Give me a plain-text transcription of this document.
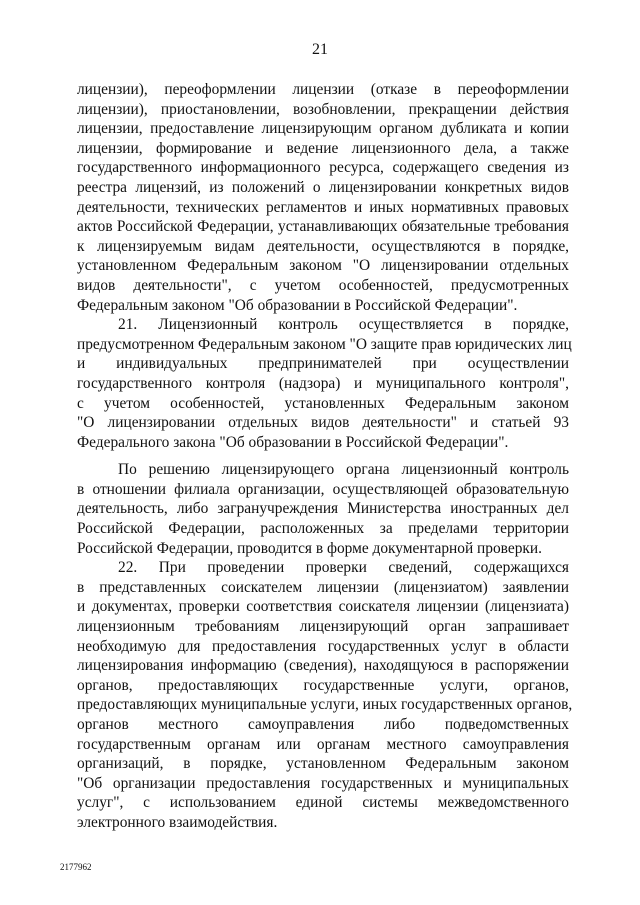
21
лицензии), переоформлении лицензии (отказе в переоформлении
лицензии), приостановлении, возобновлении, прекращении действия
лицензии, предоставление лицензирующим органом дубликата и копии
лицензии, формирование и ведение лицензионного дела, а также
государственного информационного ресурса, содержащего сведения из
реестра лицензий, из положений о лицензировании конкретных видов
деятельности, технических регламентов и иных нормативных правовых
актов Российской Федерации, устанавливающих обязательные требования
к лицензируемым видам деятельности, осуществляются в порядке,
установленном Федеральным законом "О лицензировании отдельных
видов деятельности", с учетом особенностей, предусмотренных
Федеральным законом "Об образовании в Российской Федерации".
21. Лицензионный контроль осуществляется в порядке,
предусмотренном Федеральным законом "О защите прав юридических лиц
и индивидуальных предпринимателей при осуществлении
государственного контроля (надзора) и муниципального контроля",
с учетом особенностей, установленных Федеральным законом
"О лицензировании отдельных видов деятельности" и статьей 93
Федерального закона "Об образовании в Российской Федерации".
По решению лицензирующего органа лицензионный контроль
в отношении филиала организации, осуществляющей образовательную
деятельность, либо загранучреждения Министерства иностранных дел
Российской Федерации, расположенных за пределами территории
Российской Федерации, проводится в форме документарной проверки.
22. При проведении проверки сведений, содержащихся
в представленных соискателем лицензии (лицензиатом) заявлении
и документах, проверки соответствия соискателя лицензии (лицензиата)
лицензионным требованиям лицензирующий орган запрашивает
необходимую для предоставления государственных услуг в области
лицензирования информацию (сведения), находящуюся в распоряжении
органов, предоставляющих государственные услуги, органов,
предоставляющих муниципальные услуги, иных государственных органов,
органов местного самоуправления либо подведомственных
государственным органам или органам местного самоуправления
организаций, в порядке, установленном Федеральным законом
"Об организации предоставления государственных и муниципальных
услуг", с использованием единой системы межведомственного
электронного взаимодействия.
2177962
